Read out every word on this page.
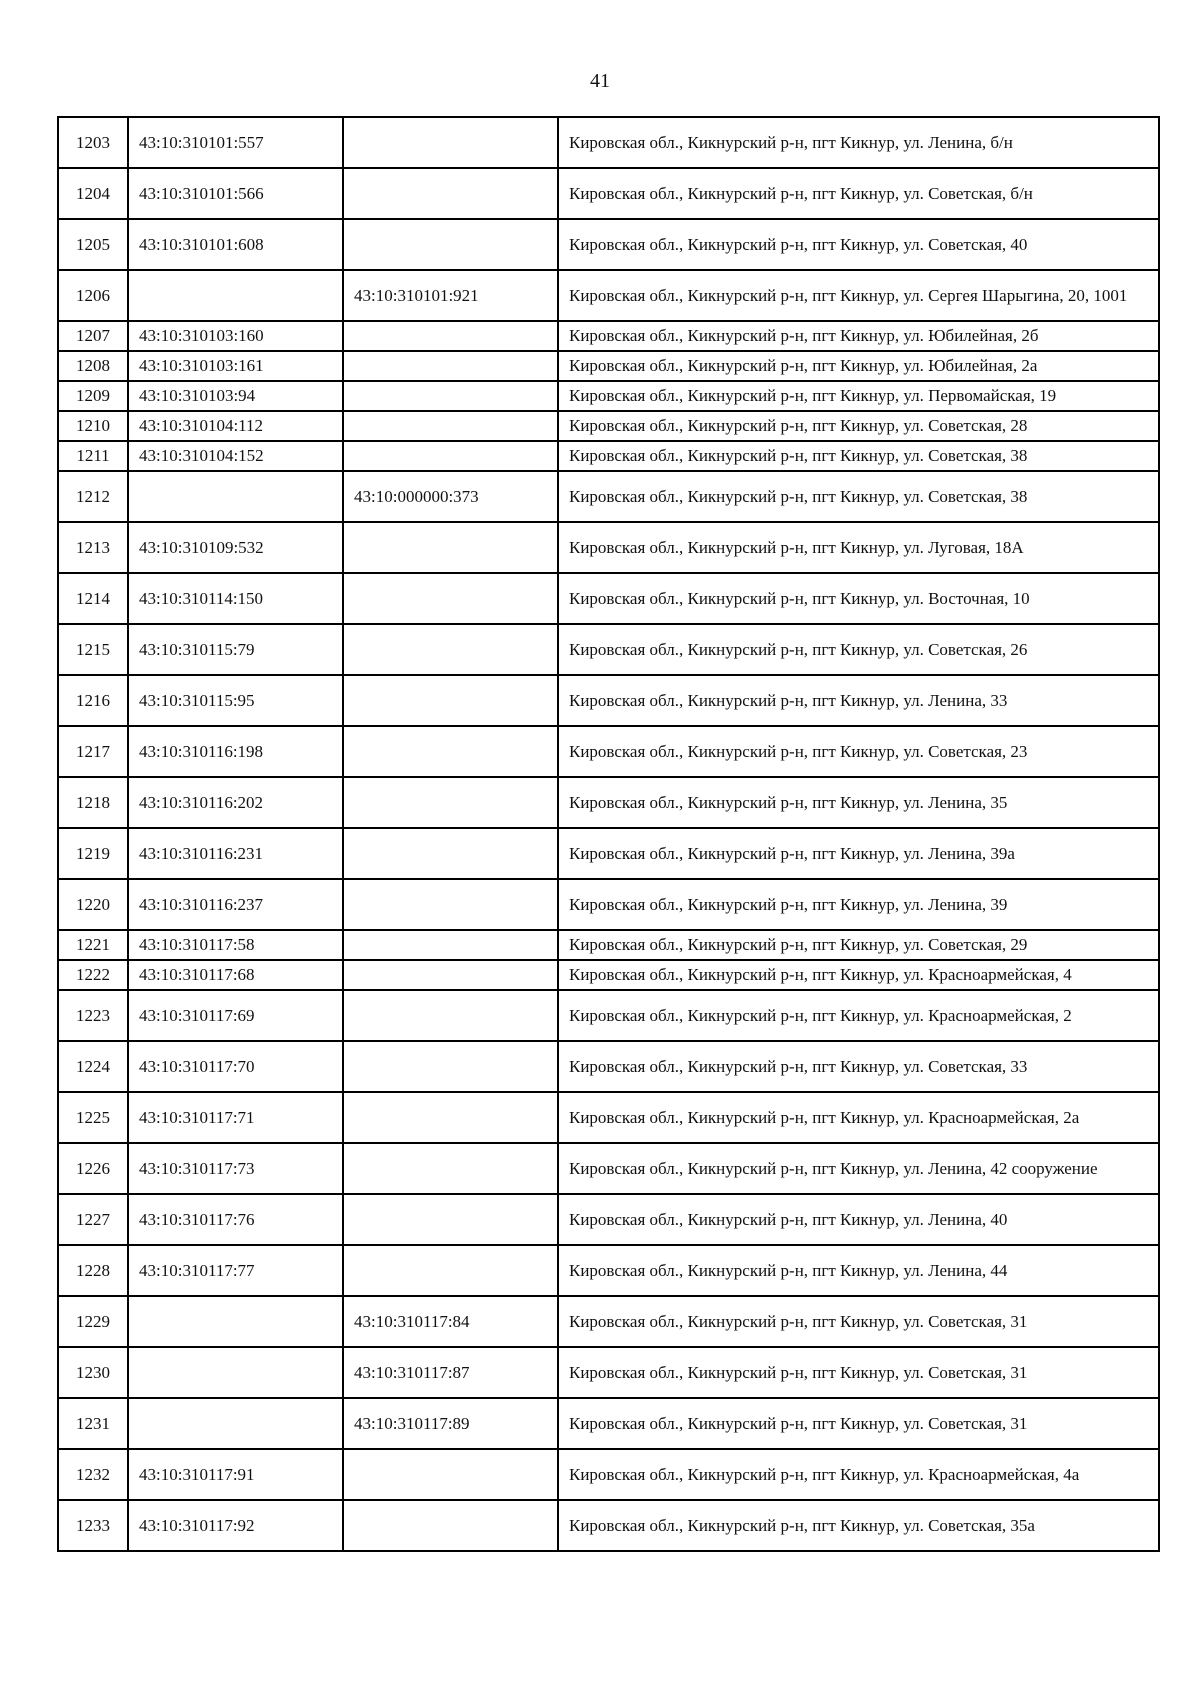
41
1203	43:10:310101:557		Кировская обл., Кикнурский р-н, пгт Кикнур, ул. Ленина, б/н
1204	43:10:310101:566		Кировская обл., Кикнурский р-н, пгт Кикнур, ул. Советская, б/н
1205	43:10:310101:608		Кировская обл., Кикнурский р-н, пгт Кикнур, ул. Советская, 40
1206		43:10:310101:921	Кировская обл., Кикнурский р-н, пгт Кикнур, ул. Сергея Шарыгина, 20, 1001
1207	43:10:310103:160		Кировская обл., Кикнурский р-н, пгт Кикнур, ул. Юбилейная, 2б
1208	43:10:310103:161		Кировская обл., Кикнурский р-н, пгт Кикнур, ул. Юбилейная, 2а
1209	43:10:310103:94		Кировская обл., Кикнурский р-н, пгт Кикнур, ул. Первомайская, 19
1210	43:10:310104:112		Кировская обл., Кикнурский р-н, пгт Кикнур, ул. Советская, 28
1211	43:10:310104:152		Кировская обл., Кикнурский р-н, пгт Кикнур, ул. Советская, 38
1212		43:10:000000:373	Кировская обл., Кикнурский р-н, пгт Кикнур, ул. Советская, 38
1213	43:10:310109:532		Кировская обл., Кикнурский р-н, пгт Кикнур, ул. Луговая, 18А
1214	43:10:310114:150		Кировская обл., Кикнурский р-н, пгт Кикнур, ул. Восточная, 10
1215	43:10:310115:79		Кировская обл., Кикнурский р-н, пгт Кикнур, ул. Советская, 26
1216	43:10:310115:95		Кировская обл., Кикнурский р-н, пгт Кикнур, ул. Ленина, 33
1217	43:10:310116:198		Кировская обл., Кикнурский р-н, пгт Кикнур, ул. Советская, 23
1218	43:10:310116:202		Кировская обл., Кикнурский р-н, пгт Кикнур, ул. Ленина, 35
1219	43:10:310116:231		Кировская обл., Кикнурский р-н, пгт Кикнур, ул. Ленина, 39а
1220	43:10:310116:237		Кировская обл., Кикнурский р-н, пгт Кикнур, ул. Ленина, 39
1221	43:10:310117:58		Кировская обл., Кикнурский р-н, пгт Кикнур, ул. Советская, 29
1222	43:10:310117:68		Кировская обл., Кикнурский р-н, пгт Кикнур, ул. Красноармейская, 4
1223	43:10:310117:69		Кировская обл., Кикнурский р-н, пгт Кикнур, ул. Красноармейская, 2
1224	43:10:310117:70		Кировская обл., Кикнурский р-н, пгт Кикнур, ул. Советская, 33
1225	43:10:310117:71		Кировская обл., Кикнурский р-н, пгт Кикнур, ул. Красноармейская, 2а
1226	43:10:310117:73		Кировская обл., Кикнурский р-н, пгт Кикнур, ул. Ленина, 42 сооружение
1227	43:10:310117:76		Кировская обл., Кикнурский р-н, пгт Кикнур, ул. Ленина, 40
1228	43:10:310117:77		Кировская обл., Кикнурский р-н, пгт Кикнур, ул. Ленина, 44
1229		43:10:310117:84	Кировская обл., Кикнурский р-н, пгт Кикнур, ул. Советская, 31
1230		43:10:310117:87	Кировская обл., Кикнурский р-н, пгт Кикнур, ул. Советская, 31
1231		43:10:310117:89	Кировская обл., Кикнурский р-н, пгт Кикнур, ул. Советская, 31
1232	43:10:310117:91		Кировская обл., Кикнурский р-н, пгт Кикнур, ул. Красноармейская, 4а
1233	43:10:310117:92		Кировская обл., Кикнурский р-н, пгт Кикнур, ул. Советская, 35а
